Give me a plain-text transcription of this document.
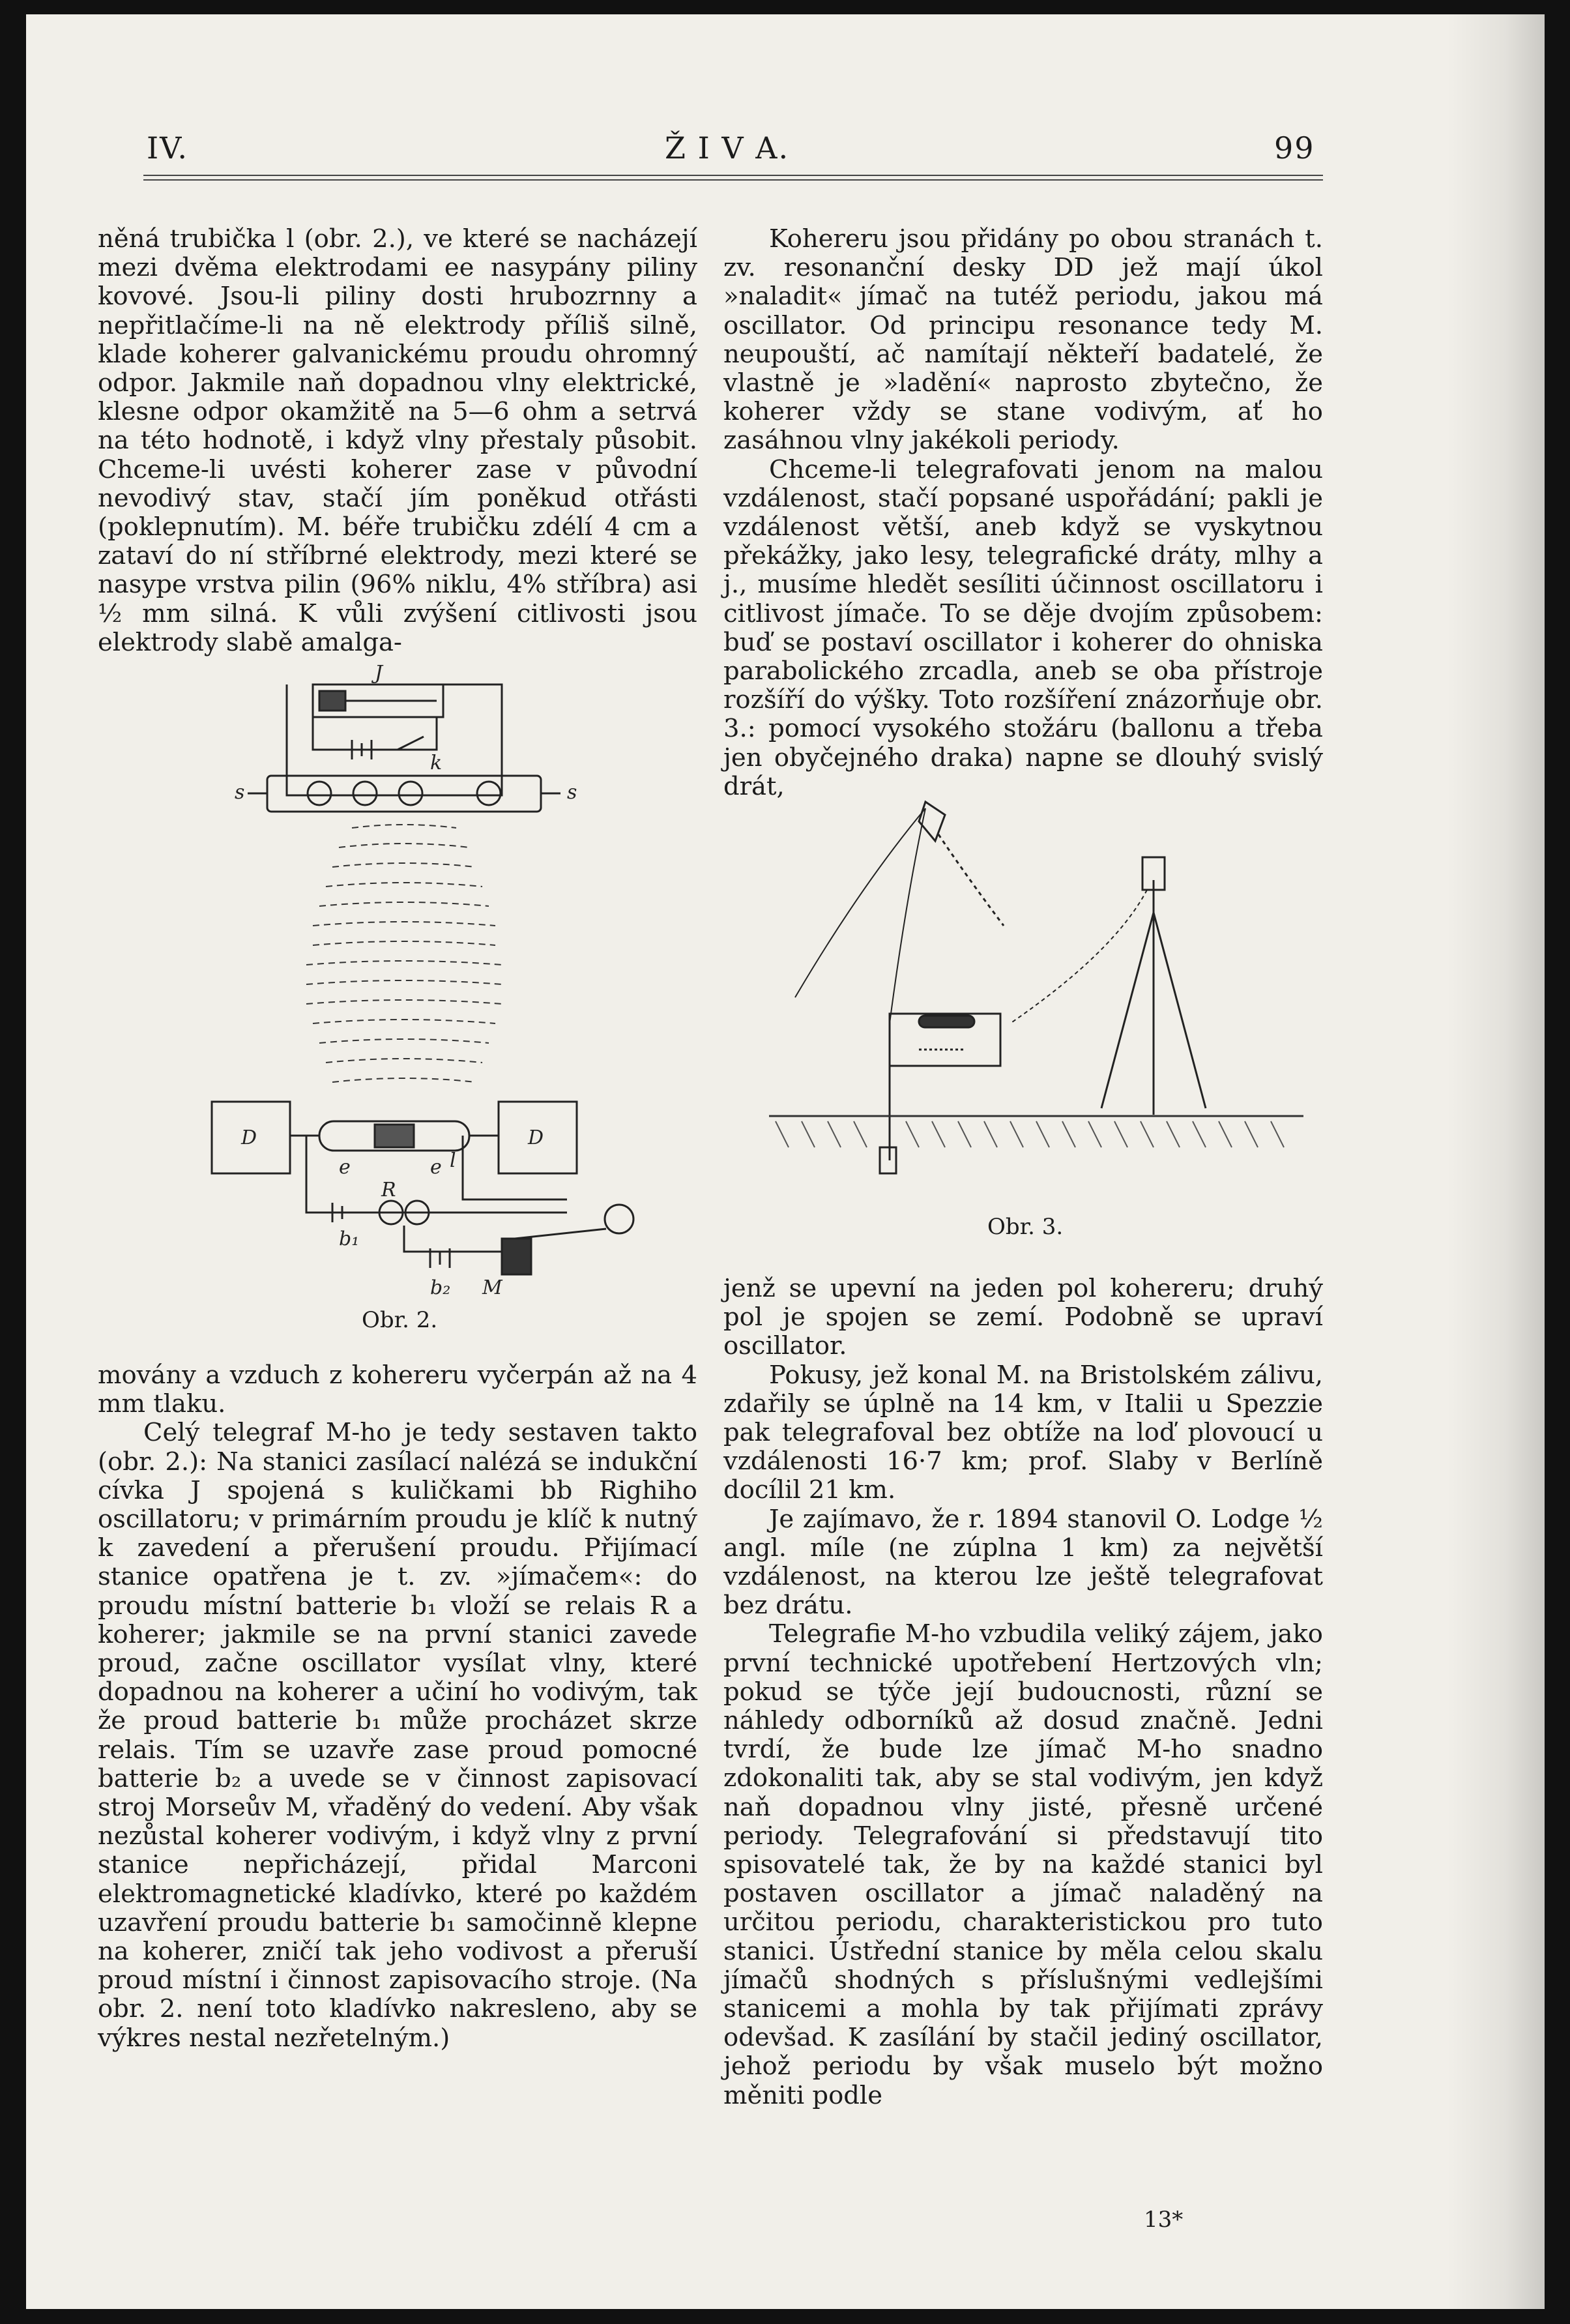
IV.	Ž I V A.	99

něná trubička l (obr. 2.), ve které se nacházejí mezi dvěma elektrodami ee nasypány piliny kovové. Jsou-li piliny dosti hrubozrnny a nepřitlačíme-li na ně elektrody příliš silně, klade koherer galvanickému proudu ohromný odpor. Jakmile naň dopadnou vlny elektrické, klesne odpor okamžitě na 5—6 ohm a setrvá na této hodnotě, i když vlny přestaly působit. Chceme-li uvésti koherer zase v původní nevodivý stav, stačí jím poněkud otřásti (poklepnutím). M. béře trubičku zdélí 4 cm a zataví do ní stříbrné elektrody, mezi které se nasype vrstva pilin (96% niklu, 4% stříbra) asi ½ mm silná. K vůli zvýšení citlivosti jsou elektrody slabě amalga-

J
k
s	s
D	D
e	e l
R
b₁
b₂ M
Obr. 2.

movány a vzduch z kohereru vyčerpán až na 4 mm tlaku.

Celý telegraf M-ho je tedy sestaven takto (obr. 2.): Na stanici zasílací nalézá se indukční cívka J spojená s kuličkami bb Righiho oscillatoru; v primárním proudu je klíč k nutný k zavedení a přerušení proudu. Přijímací stanice opatřena je t. zv. »jímačem«: do proudu místní batterie b₁ vloží se relais R a koherer; jakmile se na první stanici zavede proud, začne oscillator vysílat vlny, které dopadnou na koherer a učiní ho vodivým, tak že proud batterie b₁ může procházet skrze relais. Tím se uzavře zase proud pomocné batterie b₂ a uvede se v činnost zapisovací stroj Morseův M, vřaděný do vedení. Aby však nezůstal koherer vodivým, i když vlny z první stanice nepřicházejí, přidal Marconi elektromagnetické kladívko, které po každém uzavření proudu batterie b₁ samočinně klepne na koherer, zničí tak jeho vodivost a přeruší proud místní i činnost zapisovacího stroje. (Na obr. 2. není toto kladívko nakresleno, aby se výkres nestal nezřetelným.)

Kohereru jsou přidány po obou stranách t. zv. resonanční desky DD jež mají úkol »naladit« jímač na tutéž periodu, jakou má oscillator. Od principu resonance tedy M. neupouští, ač namítají někteří badatelé, že vlastně je »ladění« naprosto zbytečno, že koherer vždy se stane vodivým, ať ho zasáhnou vlny jakékoli periody.

Chceme-li telegrafovati jenom na malou vzdálenost, stačí popsané uspořádání; pakli je vzdálenost větší, aneb když se vyskytnou překážky, jako lesy, telegrafické dráty, mlhy a j., musíme hledět sesíliti účinnost oscillatoru i citlivost jímače. To se děje dvojím způsobem: buď se postaví oscillator i koherer do ohniska parabolického zrcadla, aneb se oba přístroje rozšíří do výšky. Toto rozšíření znázorňuje obr. 3.: pomocí vysokého stožáru (ballonu a třeba jen obyčejného draka) napne se dlouhý svislý drát,

Obr. 3.

jenž se upevní na jeden pol kohereru; druhý pol je spojen se zemí. Podobně se upraví oscillator.

Pokusy, jež konal M. na Bristolském zálivu, zdařily se úplně na 14 km, v Italii u Spezzie pak telegrafoval bez obtíže na loď plovoucí u vzdálenosti 16·7 km; prof. Slaby v Berlíně docílil 21 km.

Je zajímavo, že r. 1894 stanovil O. Lodge ½ angl. míle (ne zúplna 1 km) za největší vzdálenost, na kterou lze ještě telegrafovat bez drátu.

Telegrafie M-ho vzbudila veliký zájem, jako první technické upotřebení Hertzových vln; pokud se týče její budoucnosti, různí se náhledy odborníků až dosud značně. Jedni tvrdí, že bude lze jímač M-ho snadno zdokonaliti tak, aby se stal vodivým, jen když naň dopadnou vlny jisté, přesně určené periody. Telegrafování si představují tito spisovatelé tak, že by na každé stanici byl postaven oscillator a jímač naladěný na určitou periodu, charakteristickou pro tuto stanici. Ústřední stanice by měla celou skalu jímačů shodných s příslušnými vedlejšími stanicemi a mohla by tak přijímati zprávy odevšad. K zasílání by stačil jediný oscillator, jehož periodu by však muselo být možno měniti podle

13*
